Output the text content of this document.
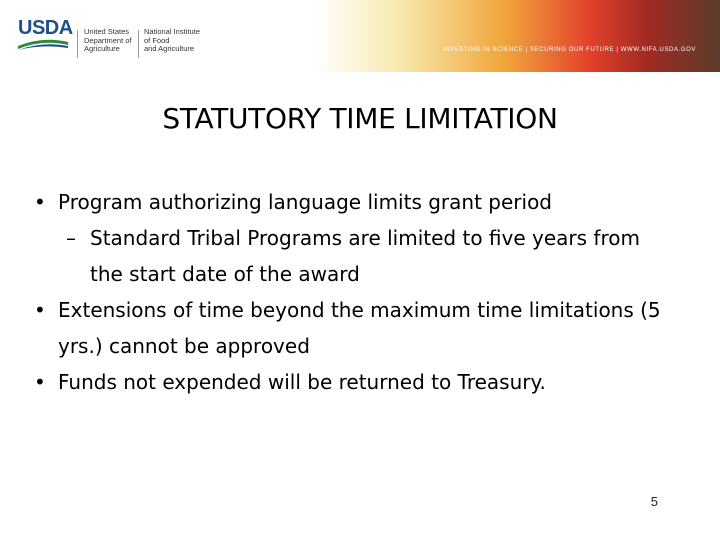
USDA United States
Department of
Agriculture
National Institute
of Food
and Agriculture	INVESTING IN SCIENCE | SECURING OUR FUTURE | WWW.NIFA.USDA.GOV
STATUTORY TIME LIMITATION
• Program authorizing language limits grant period
– Standard Tribal Programs are limited to five years from the start date of the award
• Extensions of time beyond the maximum time limitations (5 yrs.) cannot be approved
• Funds not expended will be returned to Treasury.
5
